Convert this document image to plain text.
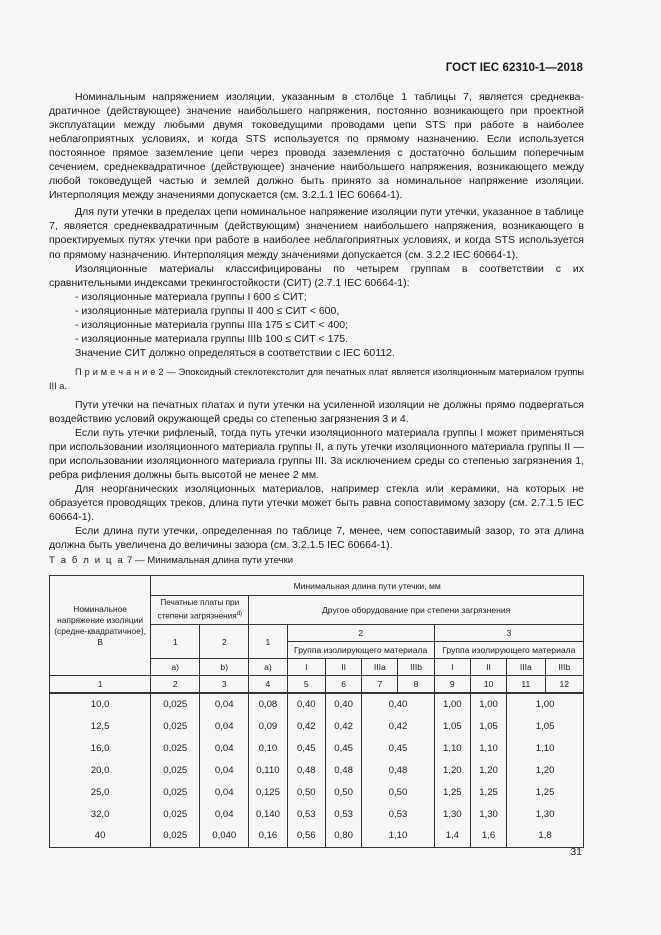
ГОСТ IEC 62310-1—2018

Номинальным напряжением изоляции, указанным в столбце 1 таблицы 7, является среднеква-дратичное (действующее) значение наибольшего напряжения, постоянно возникающего при проектной эксплуатации между любыми двумя токоведущими проводами цепи STS при работе в наиболее неблагоприятных условиях, и когда STS используется по прямому назначению. Если используется постоянное прямое заземление цепи через провода заземления с достаточно большим поперечным сечением, среднеквадратичное (действующее) значение наибольшего напряжения, возникающего между любой токоведущей частью и землей должно быть принято за номинальное напряжение изоляции. Интерполяция между значениями допускается (см. 3.2.1.1 IEC 60664-1).

Для пути утечки в пределах цепи номинальное напряжение изоляции пути утечки, указанное в таблице 7, является среднеквадратичным (действующим) значением наибольшего напряжения, возникающего в проектируемых путях утечки при работе в наиболее неблагоприятных условиях, и когда STS используется по прямому назначению. Интерполяция между значениями допускается (см. 3.2.2 IEC 60664-1).

Изоляционные материалы классифицированы по четырем группам в соответствии с их сравнительными индексами трекингостойкости (СИТ) (2.7.1 IEC 60664-1):

- изоляционные материала группы I 600 ≤ СИТ;

- изоляционные материала группы II 400 ≤ СИТ < 600,

- изоляционные материала группы IIIa 175 ≤ СИТ < 400;

- изоляционные материала группы IIIb 100 ≤ СИТ < 175.

Значение СИТ должно определяться в соответствии с IEC 60112.

П р и м е ч а н и е 2 — Эпоксидный стеклотекстолит для печатных плат является изоляционным материалом группы III a.

Пути утечки на печатных платах и пути утечки на усиленной изоляции не должны прямо подвергаться воздействию условий окружающей среды со степенью загрязнения 3 и 4.

Если путь утечки рифленый, тогда путь утечки изоляционного материала группы I может применяться при использовании изоляционного материала группы II, а путь утечки изоляционного материала группы II — при использовании изоляционного материала группы III. За исключением среды со степенью загрязнения 1, ребра рифления должны быть высотой не менее 2 мм.

Для неорганических изоляционных материалов, например стекла или керамики, на которых не образуется проводящих треков, длина пути утечки может быть равна сопоставимому зазору (см. 2.7.1.5 IEC 60664-1).

Если длина пути утечки, определенная по таблице 7, менее, чем сопоставимый зазор, то эта длина должна быть увеличена до величины зазора (см. 3.2.1.5 IEC 60664-1).

Т а б л и ц а 7 — Минимальная длина пути утечки
Номинальное напряжение изоляции (средне-квадратичное), В	Минимальная длина пути утечки, мм										
	Печатные платы при степени загрязнения$^{d)}$		Другое оборудование при степени загрязнения								
	1	2	1	2				3			
				Группа изолирующего материала				Группа изолирующего материала			
	a)	b)	a)	I	II	IIIa	IIIb	I	II	IIIa	IIIb
1	2	3	4	5	6	7	8	9	10	11	12
10,0	0,025	0,04	0,08	0,40	0,40	0,40		1,00	1,00	1,00	
12,5	0,025	0,04	0,09	0,42	0,42	0,42		1,05	1,05	1,05	
16,0	0,025	0,04	0,10	0,45	0,45	0,45		1,10	1,10	1,10	
20,0	0,025	0,04	0,110	0,48	0,48	0,48		1,20	1,20	1,20	
25,0	0,025	0,04	0,125	0,50	0,50	0,50		1,25	1,25	1,25	
32,0	0,025	0,04	0,140	0,53	0,53	0,53		1,30	1,30	1,30	
40	0,025	0,040	0,16	0,56	0,80	1,10		1,4	1,6	1,8	
31
